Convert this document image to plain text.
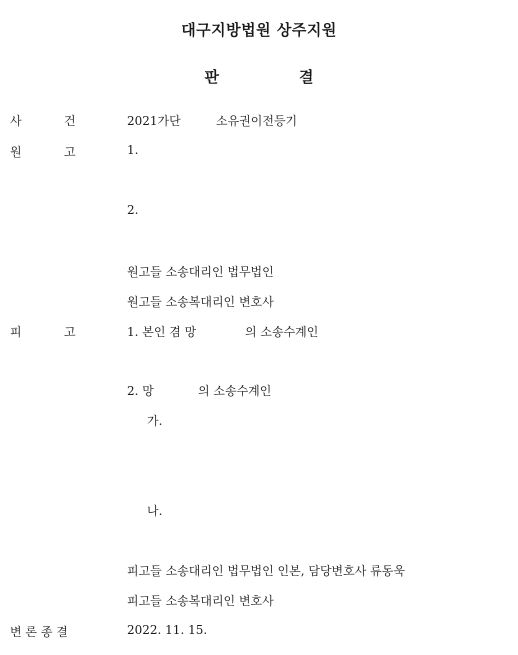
대구지방법원 상주지원
판	결
사	건	2021가단	소유권이전등기
원	고	1.
2.
원고들 소송대리인 법무법인
원고들 소송복대리인 변호사
피	고	1. 본인 겸 망	의 소송수계인
2. 망	의 소송수계인
가.
나.
피고들 소송대리인 법무법인 인본, 담당변호사 류동욱
피고들 소송복대리인 변호사
변 론 종 결	2022. 11. 15.
